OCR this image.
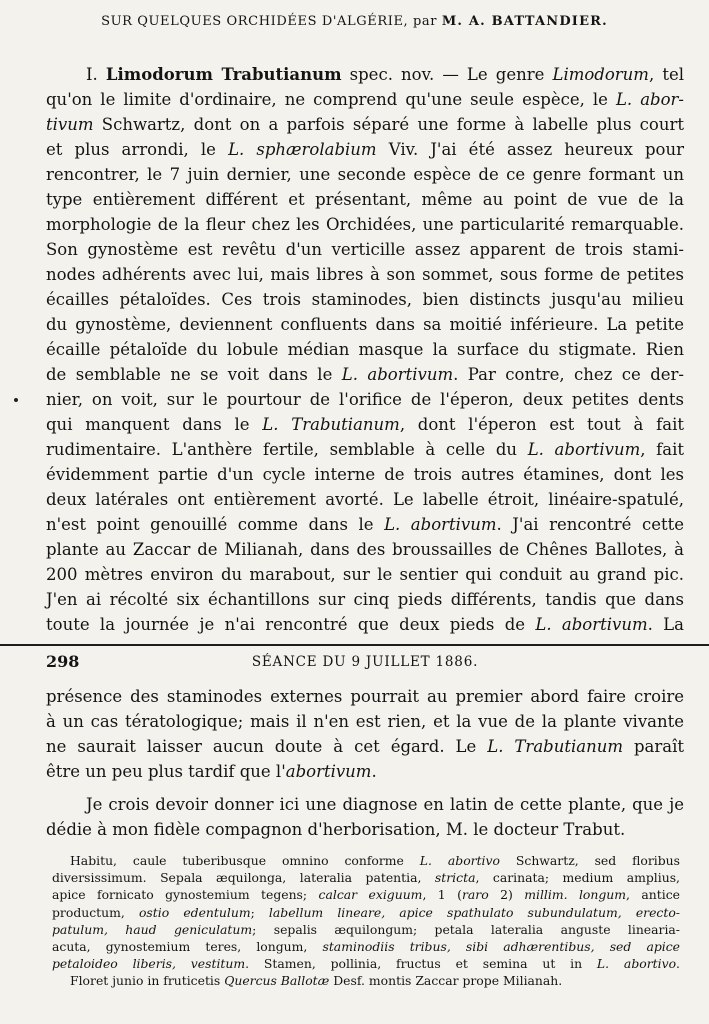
SUR QUELQUES ORCHIDÉES D'ALGÉRIE, par M. A. BATTANDIER.

I. Limodorum Trabutianum spec. nov. — Le genre Limodorum, tel
qu'on le limite d'ordinaire, ne comprend qu'une seule espèce, le L. abor-
tivum Schwartz, dont on a parfois séparé une forme à labelle plus court
et plus arrondi, le L. sphærolabium Viv. J'ai été assez heureux pour
rencontrer, le 7 juin dernier, une seconde espèce de ce genre formant un
type entièrement différent et présentant, même au point de vue de la
morphologie de la fleur chez les Orchidées, une particularité remarquable.
Son gynostème est revêtu d'un verticille assez apparent de trois stami-
nodes adhérents avec lui, mais libres à son sommet, sous forme de petites
écailles pétaloïdes. Ces trois staminodes, bien distincts jusqu'au milieu
du gynostème, deviennent confluents dans sa moitié inférieure. La petite
écaille pétaloïde du lobule médian masque la surface du stigmate. Rien
de semblable ne se voit dans le L. abortivum. Par contre, chez ce der-
nier, on voit, sur le pourtour de l'orifice de l'éperon, deux petites dents
qui manquent dans le L. Trabutianum, dont l'éperon est tout à fait
rudimentaire. L'anthère fertile, semblable à celle du L. abortivum, fait
évidemment partie d'un cycle interne de trois autres étamines, dont les
deux latérales ont entièrement avorté. Le labelle étroit, linéaire-spatulé,
n'est point genouillé comme dans le L. abortivum. J'ai rencontré cette
plante au Zaccar de Milianah, dans des broussailles de Chênes Ballotes, à
200 mètres environ du marabout, sur le sentier qui conduit au grand pic.
J'en ai récolté six échantillons sur cinq pieds différents, tandis que dans
toute la journée je n'ai rencontré que deux pieds de L. abortivum. La

298	SÉANCE DU 9 JUILLET 1886.

présence des staminodes externes pourrait au premier abord faire croire
à un cas tératologique; mais il n'en est rien, et la vue de la plante vivante
ne saurait laisser aucun doute à cet égard. Le L. Trabutianum paraît
être un peu plus tardif que l'abortivum.

Je crois devoir donner ici une diagnose en latin de cette plante, que je
dédie à mon fidèle compagnon d'herborisation, M. le docteur Trabut.

Habitu, caule tuberibusque omnino conforme L. abortivo Schwartz, sed floribus
diversissimum. Sepala æquilonga, lateralia patentia, stricta, carinata; medium amplius,
apice fornicato gynostemium tegens; calcar exiguum, 1 (raro 2) millim. longum, antice
productum, ostio edentulum; labellum lineare, apice spathulato subundulatum, erecto-
patulum, haud geniculatum; sepalis æquilongum; petala lateralia anguste linearia-
acuta, gynostemium teres, longum, staminodiis tribus, sibi adhærentibus, sed apice
petaloideo liberis, vestitum. Stamen, pollinia, fructus et semina ut in L. abortivo.
Floret junio in fruticetis Quercus Ballotæ Desf. montis Zaccar prope Milianah.
